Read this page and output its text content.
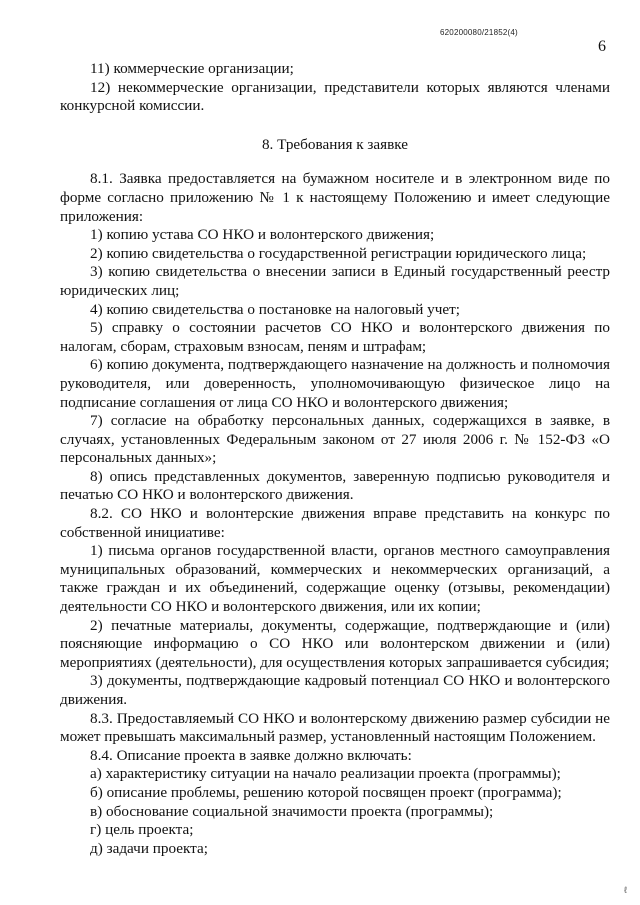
620200080/21852(4)
6

11) коммерческие организации;

12) некоммерческие организации, представители которых являются членами конкурсной комиссии.

8. Требования к заявке

8.1. Заявка предоставляется на бумажном носителе и в электронном виде по форме согласно приложению № 1 к настоящему Положению и имеет следующие приложения:

1) копию устава СО НКО и волонтерского движения;

2) копию свидетельства о государственной регистрации юридического лица;

3) копию свидетельства о внесении записи в Единый государственный реестр юридических лиц;

4) копию свидетельства о постановке на налоговый учет;

5) справку о состоянии расчетов СО НКО и волонтерского движения по налогам, сборам, страховым взносам, пеням и штрафам;

6) копию документа, подтверждающего назначение на должность и полномочия руководителя, или доверенность, уполномочивающую физическое лицо на подписание соглашения от лица СО НКО и волонтерского движения;

7) согласие на обработку персональных данных, содержащихся в заявке, в случаях, установленных Федеральным законом от 27 июля 2006 г. № 152-ФЗ «О персональных данных»;

8) опись представленных документов, заверенную подписью руководителя и печатью СО НКО и волонтерского движения.

8.2. СО НКО и волонтерские движения вправе представить на конкурс по собственной инициативе:

1) письма органов государственной власти, органов местного самоуправления муниципальных образований, коммерческих и некоммерческих организаций, а также граждан и их объединений, содержащие оценку (отзывы, рекомендации) деятельности СО НКО и волонтерского движения, или их копии;

2) печатные материалы, документы, содержащие, подтверждающие и (или) поясняющие информацию о СО НКО или волонтерском движении и (или) мероприятиях (деятельности), для осуществления которых запрашивается субсидия;

3) документы, подтверждающие кадровый потенциал СО НКО и волонтерского движения.

8.3. Предоставляемый СО НКО и волонтерскому движению размер субсидии не может превышать максимальный размер, установленный настоящим Положением.

8.4. Описание проекта в заявке должно включать:

а) характеристику ситуации на начало реализации проекта (программы);

б) описание проблемы, решению которой посвящен проект (программа);

в) обоснование социальной значимости проекта (программы);

г) цель проекта;

д) задачи проекта;

ℓ
